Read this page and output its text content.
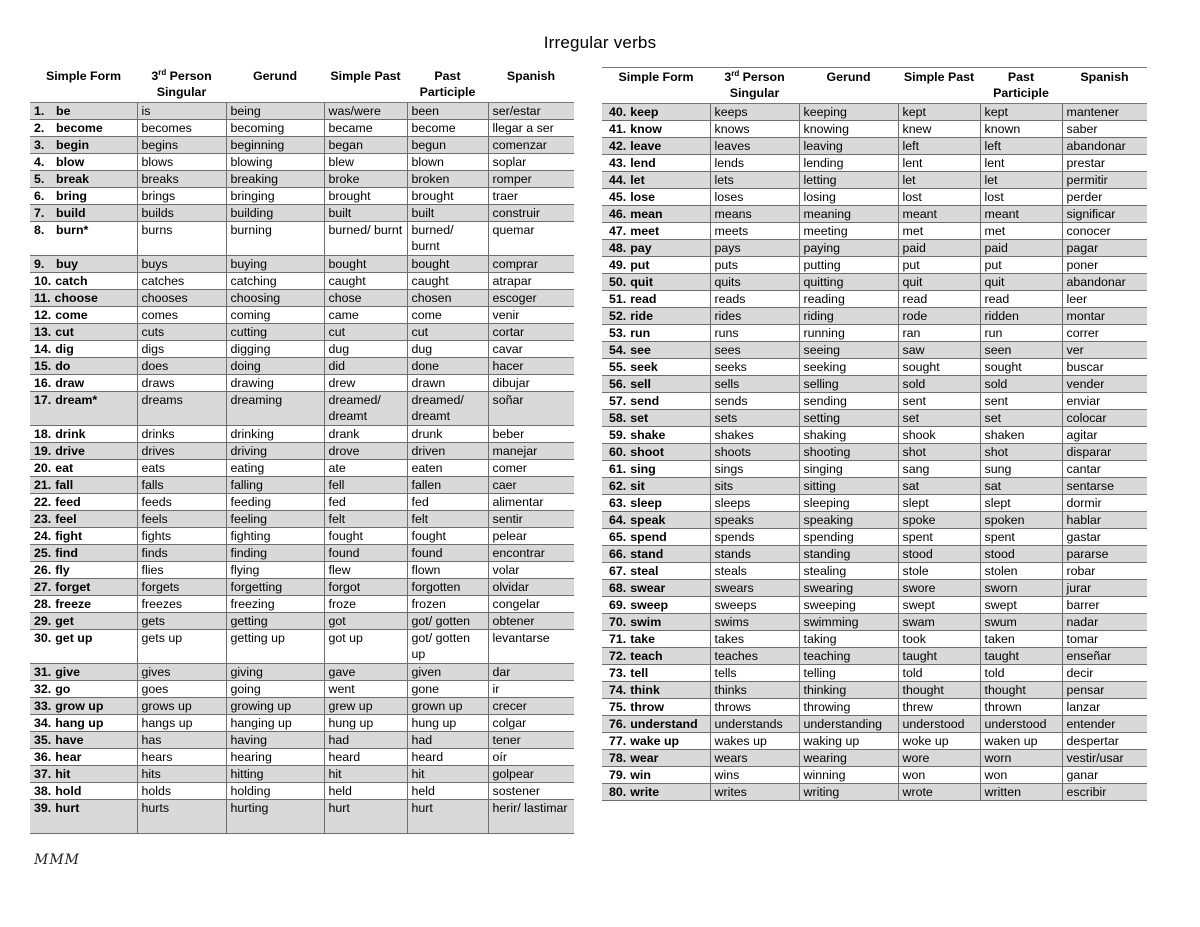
Irregular verbs
Simple Form	3rd Person Singular	Gerund	Simple Past	Past Participle	Spanish
1. be	is	being	was/were	been	ser/estar
2. become	becomes	becoming	became	become	llegar a ser
3. begin	begins	beginning	began	begun	comenzar
4. blow	blows	blowing	blew	blown	soplar
5. break	breaks	breaking	broke	broken	romper
6. bring	brings	bringing	brought	brought	traer
7. build	builds	building	built	built	construir
8. burn*	burns	burning	burned/ burnt	burned/ burnt	quemar
9. buy	buys	buying	bought	bought	comprar
10. catch	catches	catching	caught	caught	atrapar
11. choose	chooses	choosing	chose	chosen	escoger
12. come	comes	coming	came	come	venir
13. cut	cuts	cutting	cut	cut	cortar
14. dig	digs	digging	dug	dug	cavar
15. do	does	doing	did	done	hacer
16. draw	draws	drawing	drew	drawn	dibujar
17. dream*	dreams	dreaming	dreamed/ dreamt	dreamed/ dreamt	soñar
18. drink	drinks	drinking	drank	drunk	beber
19. drive	drives	driving	drove	driven	manejar
20. eat	eats	eating	ate	eaten	comer
21. fall	falls	falling	fell	fallen	caer
22. feed	feeds	feeding	fed	fed	alimentar
23. feel	feels	feeling	felt	felt	sentir
24. fight	fights	fighting	fought	fought	pelear
25. find	finds	finding	found	found	encontrar
26. fly	flies	flying	flew	flown	volar
27. forget	forgets	forgetting	forgot	forgotten	olvidar
28. freeze	freezes	freezing	froze	frozen	congelar
29. get	gets	getting	got	got/ gotten	obtener
30. get up	gets up	getting up	got up	got/ gotten up	levantarse
31. give	gives	giving	gave	given	dar
32. go	goes	going	went	gone	ir
33. grow up	grows up	growing up	grew up	grown up	crecer
34. hang up	hangs up	hanging up	hung up	hung up	colgar
35. have	has	having	had	had	tener
36. hear	hears	hearing	heard	heard	oír
37. hit	hits	hitting	hit	hit	golpear
38. hold	holds	holding	held	held	sostener
39. hurt	hurts	hurting	hurt	hurt	herir/ lastimar
Simple Form	3rd Person Singular	Gerund	Simple Past	Past Participle	Spanish
40. keep	keeps	keeping	kept	kept	mantener
41. know	knows	knowing	knew	known	saber
42. leave	leaves	leaving	left	left	abandonar
43. lend	lends	lending	lent	lent	prestar
44. let	lets	letting	let	let	permitir
45. lose	loses	losing	lost	lost	perder
46. mean	means	meaning	meant	meant	significar
47. meet	meets	meeting	met	met	conocer
48. pay	pays	paying	paid	paid	pagar
49. put	puts	putting	put	put	poner
50. quit	quits	quitting	quit	quit	abandonar
51. read	reads	reading	read	read	leer
52. ride	rides	riding	rode	ridden	montar
53. run	runs	running	ran	run	correr
54. see	sees	seeing	saw	seen	ver
55. seek	seeks	seeking	sought	sought	buscar
56. sell	sells	selling	sold	sold	vender
57. send	sends	sending	sent	sent	enviar
58. set	sets	setting	set	set	colocar
59. shake	shakes	shaking	shook	shaken	agitar
60. shoot	shoots	shooting	shot	shot	disparar
61. sing	sings	singing	sang	sung	cantar
62. sit	sits	sitting	sat	sat	sentarse
63. sleep	sleeps	sleeping	slept	slept	dormir
64. speak	speaks	speaking	spoke	spoken	hablar
65. spend	spends	spending	spent	spent	gastar
66. stand	stands	standing	stood	stood	pararse
67. steal	steals	stealing	stole	stolen	robar
68. swear	swears	swearing	swore	sworn	jurar
69. sweep	sweeps	sweeping	swept	swept	barrer
70. swim	swims	swimming	swam	swum	nadar
71. take	takes	taking	took	taken	tomar
72. teach	teaches	teaching	taught	taught	enseñar
73. tell	tells	telling	told	told	decir
74. think	thinks	thinking	thought	thought	pensar
75. throw	throws	throwing	threw	thrown	lanzar
76. understand	understands	understanding	understood	understood	entender
77. wake up	wakes up	waking up	woke up	waken up	despertar
78. wear	wears	wearing	wore	worn	vestir/usar
79. win	wins	winning	won	won	ganar
80. write	writes	writing	wrote	written	escribir
MMM
